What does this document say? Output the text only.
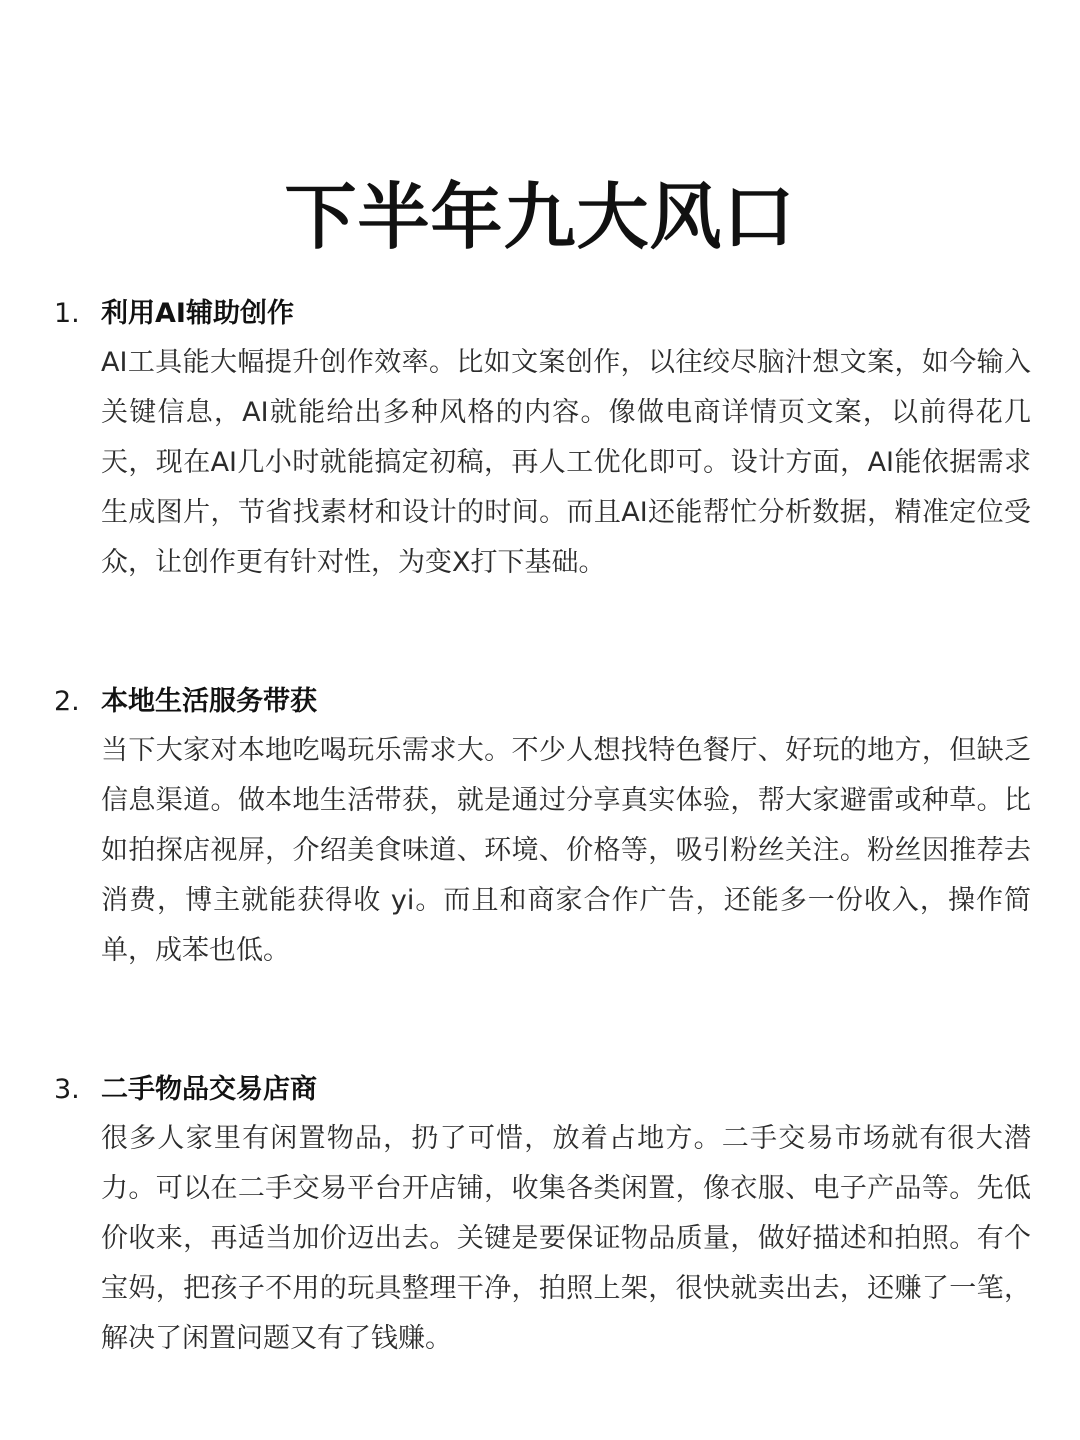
下半年九大风口
1. 利用AI辅助创作

AI工具能大幅提升创作效率。比如文案创作，以往绞尽脑汁想文案，如今输入关键信息，AI就能给出多种风格的内容。像做电商详情页文案，以前得花几天，现在AI几小时就能搞定初稿，再人工优化即可。设计方面，AI能依据需求生成图片，节省找素材和设计的时间。而且AI还能帮忙分析数据，精准定位受众，让创作更有针对性，为变X打下基础。

2. 本地生活服务带获

当下大家对本地吃喝玩乐需求大。不少人想找特色餐厅、好玩的地方，但缺乏信息渠道。做本地生活带获，就是通过分享真实体验，帮大家避雷或种草。比如拍探店视屏，介绍美食味道、环境、价格等，吸引粉丝关注。粉丝因推荐去消费，博主就能获得收 yi。而且和商家合作广告，还能多一份收入，操作简单，成苯也低。

3. 二手物品交易店商

很多人家里有闲置物品，扔了可惜，放着占地方。二手交易市场就有很大潜力。可以在二手交易平台开店铺，收集各类闲置，像衣服、电子产品等。先低价收来，再适当加价迈出去。关键是要保证物品质量，做好描述和拍照。有个宝妈，把孩子不用的玩具整理干净，拍照上架，很快就卖出去，还赚了一笔，解决了闲置问题又有了钱赚。
